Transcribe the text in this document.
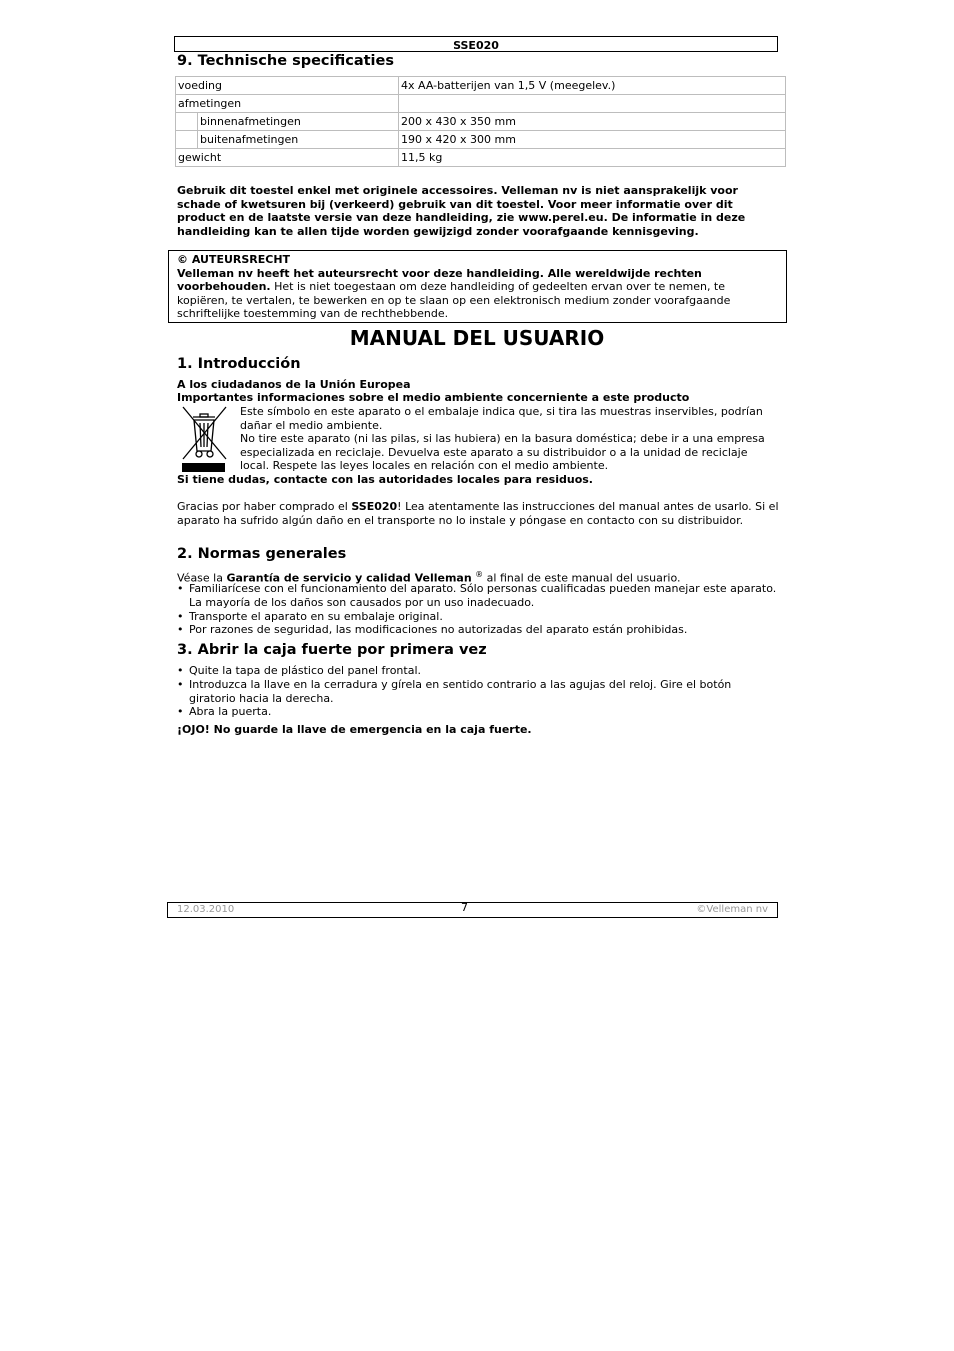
SSE020
9. Technische specificaties
voeding		4x AA-batterijen van 1,5 V (meegelev.)
afmetingen		
	binnenafmetingen	200 x 430 x 350 mm
	buitenafmetingen	190 x 420 x 300 mm
gewicht		11,5 kg

Gebruik dit toestel enkel met originele accessoires. Velleman nv is niet aansprakelijk voor schade of kwetsuren bij (verkeerd) gebruik van dit toestel. Voor meer informatie over dit product en de laatste versie van deze handleiding, zie www.perel.eu. De informatie in deze handleiding kan te allen tijde worden gewijzigd zonder voorafgaande kennisgeving.

© AUTEURSRECHT
Velleman nv heeft het auteursrecht voor deze handleiding. Alle wereldwijde rechten voorbehouden. Het is niet toegestaan om deze handleiding of gedeelten ervan over te nemen, te kopiëren, te vertalen, te bewerken en op te slaan op een elektronisch medium zonder voorafgaande schriftelijke toestemming van de rechthebbende.

MANUAL DEL USUARIO
1. Introducción

A los ciudadanos de la Unión Europea

Importantes informaciones sobre el medio ambiente concerniente a este producto

Este símbolo en este aparato o el embalaje indica que, si tira las muestras inservibles, podrían dañar el medio ambiente.

No tire este aparato (ni las pilas, si las hubiera) en la basura doméstica; debe ir a una empresa especializada en reciclaje. Devuelva este aparato a su distribuidor o a la unidad de reciclaje local. Respete las leyes locales en relación con el medio ambiente.

Si tiene dudas, contacte con las autoridades locales para residuos.

Gracias por haber comprado el SSE020! Lea atentamente las instrucciones del manual antes de usarlo. Si el aparato ha sufrido algún daño en el transporte no lo instale y póngase en contacto con su distribuidor.

2. Normas generales

Véase la Garantía de servicio y calidad Velleman ® al final de este manual del usuario.

• Familiarícese con el funcionamiento del aparato. Sólo personas cualificadas pueden manejar este aparato. La mayoría de los daños son causados por un uso inadecuado.
• Transporte el aparato en su embalaje original.
• Por razones de seguridad, las modificaciones no autorizadas del aparato están prohibidas.
3. Abrir la caja fuerte por primera vez
• Quite la tapa de plástico del panel frontal.
• Introduzca la llave en la cerradura y gírela en sentido contrario a las agujas del reloj. Gire el botón giratorio hacia la derecha.
• Abra la puerta.

¡OJO! No guarde la llave de emergencia en la caja fuerte.

12.03.2010	7	©Velleman nv
